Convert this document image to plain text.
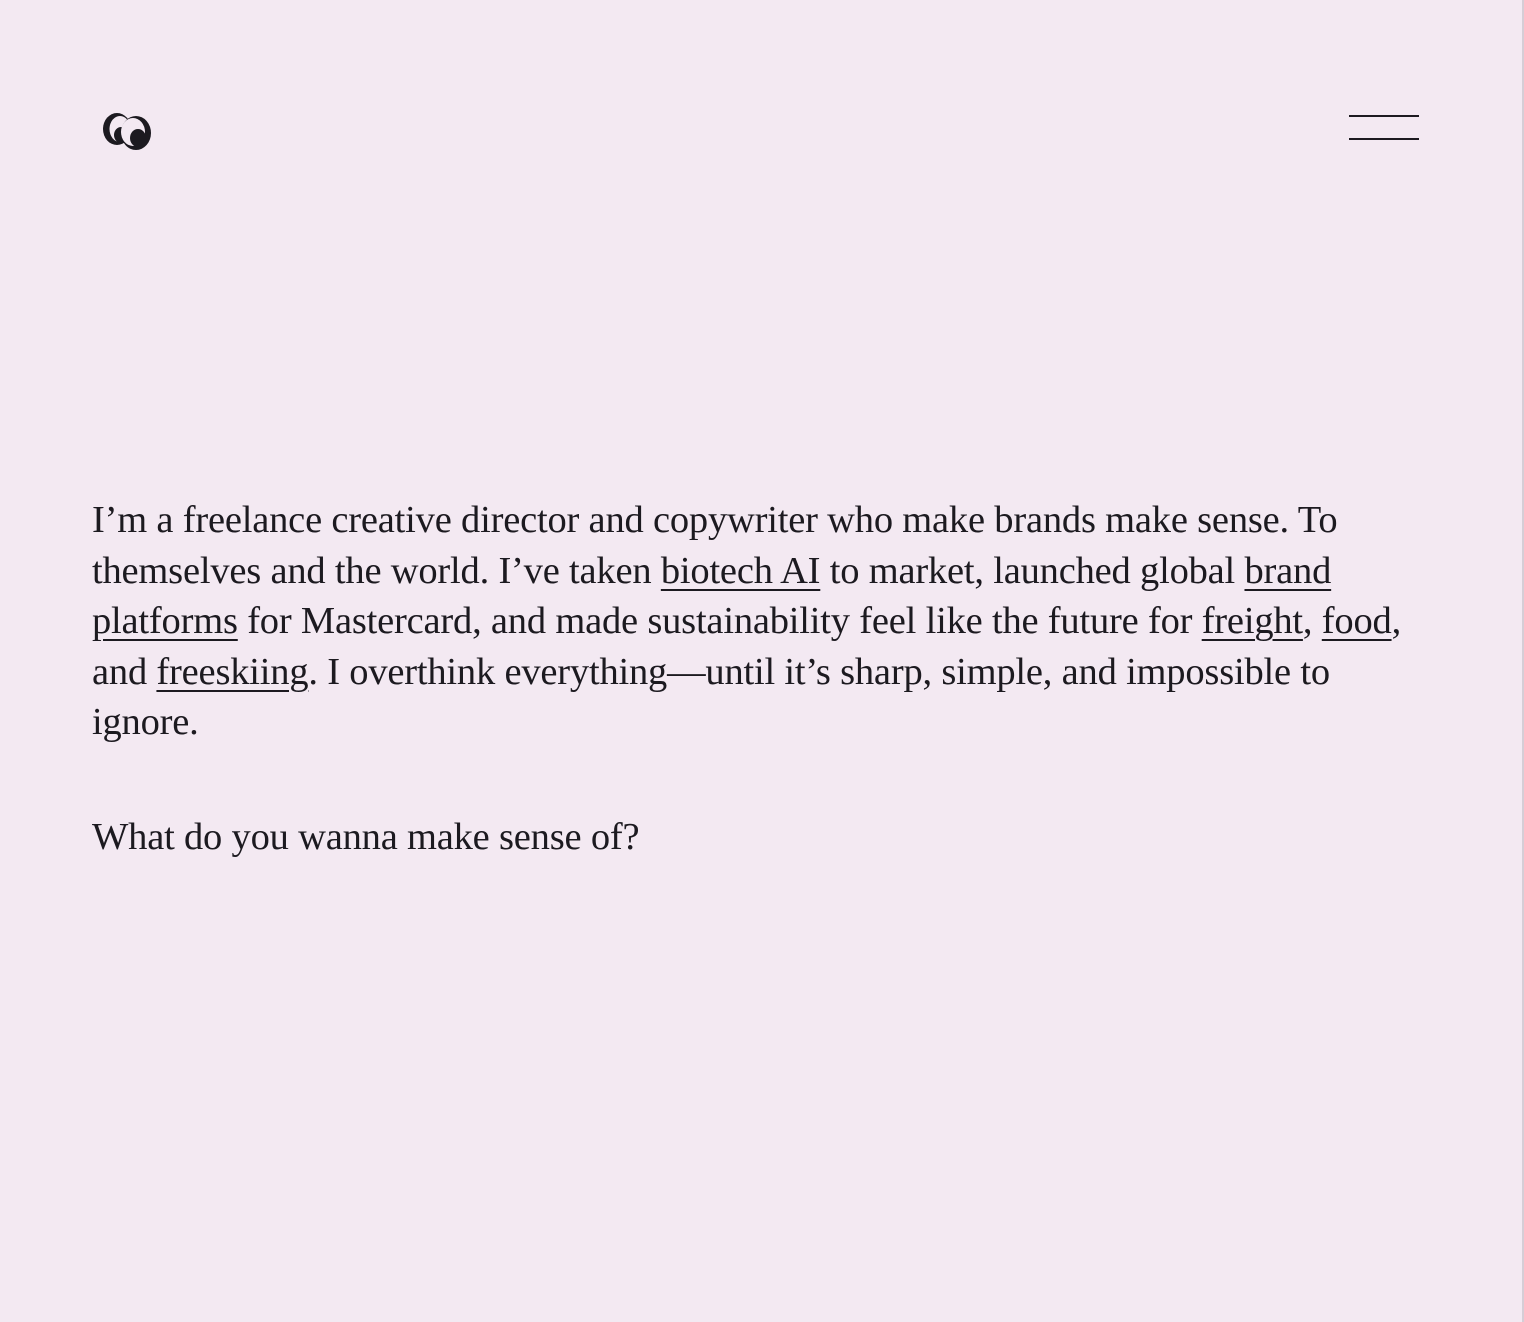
I’m a freelance creative director and copywriter who make brands make sense. To themselves and the world. I’ve taken biotech AI to market, launched global brand platforms for Mastercard, and made sustainability feel like the future for freight, food, and freeskiing. I overthink everything—until it’s sharp, simple, and impossible to ignore.

What do you wanna make sense of?
